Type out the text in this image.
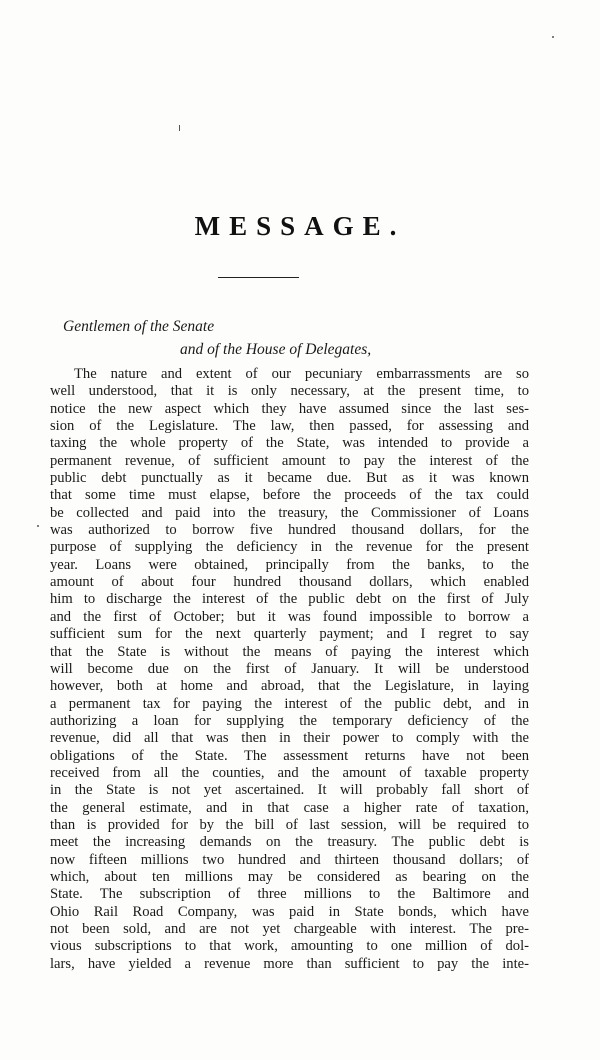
MESSAGE.
Gentlemen of the Senate
and of the House of Delegates,
The nature and extent of our pecuniary embarrassments are so
well understood, that it is only necessary, at the present time, to
notice the new aspect which they have assumed since the last ses-
sion of the Legislature. The law, then passed, for assessing and
taxing the whole property of the State, was intended to provide a
permanent revenue, of sufficient amount to pay the interest of the
public debt punctually as it became due. But as it was known
that some time must elapse, before the proceeds of the tax could
be collected and paid into the treasury, the Commissioner of Loans
was authorized to borrow five hundred thousand dollars, for the
purpose of supplying the deficiency in the revenue for the present
year. Loans were obtained, principally from the banks, to the
amount of about four hundred thousand dollars, which enabled
him to discharge the interest of the public debt on the first of July
and the first of October; but it was found impossible to borrow a
sufficient sum for the next quarterly payment; and I regret to say
that the State is without the means of paying the interest which
will become due on the first of January. It will be understood
however, both at home and abroad, that the Legislature, in laying
a permanent tax for paying the interest of the public debt, and in
authorizing a loan for supplying the temporary deficiency of the
revenue, did all that was then in their power to comply with the
obligations of the State. The assessment returns have not been
received from all the counties, and the amount of taxable property
in the State is not yet ascertained. It will probably fall short of
the general estimate, and in that case a higher rate of taxation,
than is provided for by the bill of last session, will be required to
meet the increasing demands on the treasury. The public debt is
now fifteen millions two hundred and thirteen thousand dollars; of
which, about ten millions may be considered as bearing on the
State. The subscription of three millions to the Baltimore and
Ohio Rail Road Company, was paid in State bonds, which have
not been sold, and are not yet chargeable with interest. The pre-
vious subscriptions to that work, amounting to one million of dol-
lars, have yielded a revenue more than sufficient to pay the inte-
